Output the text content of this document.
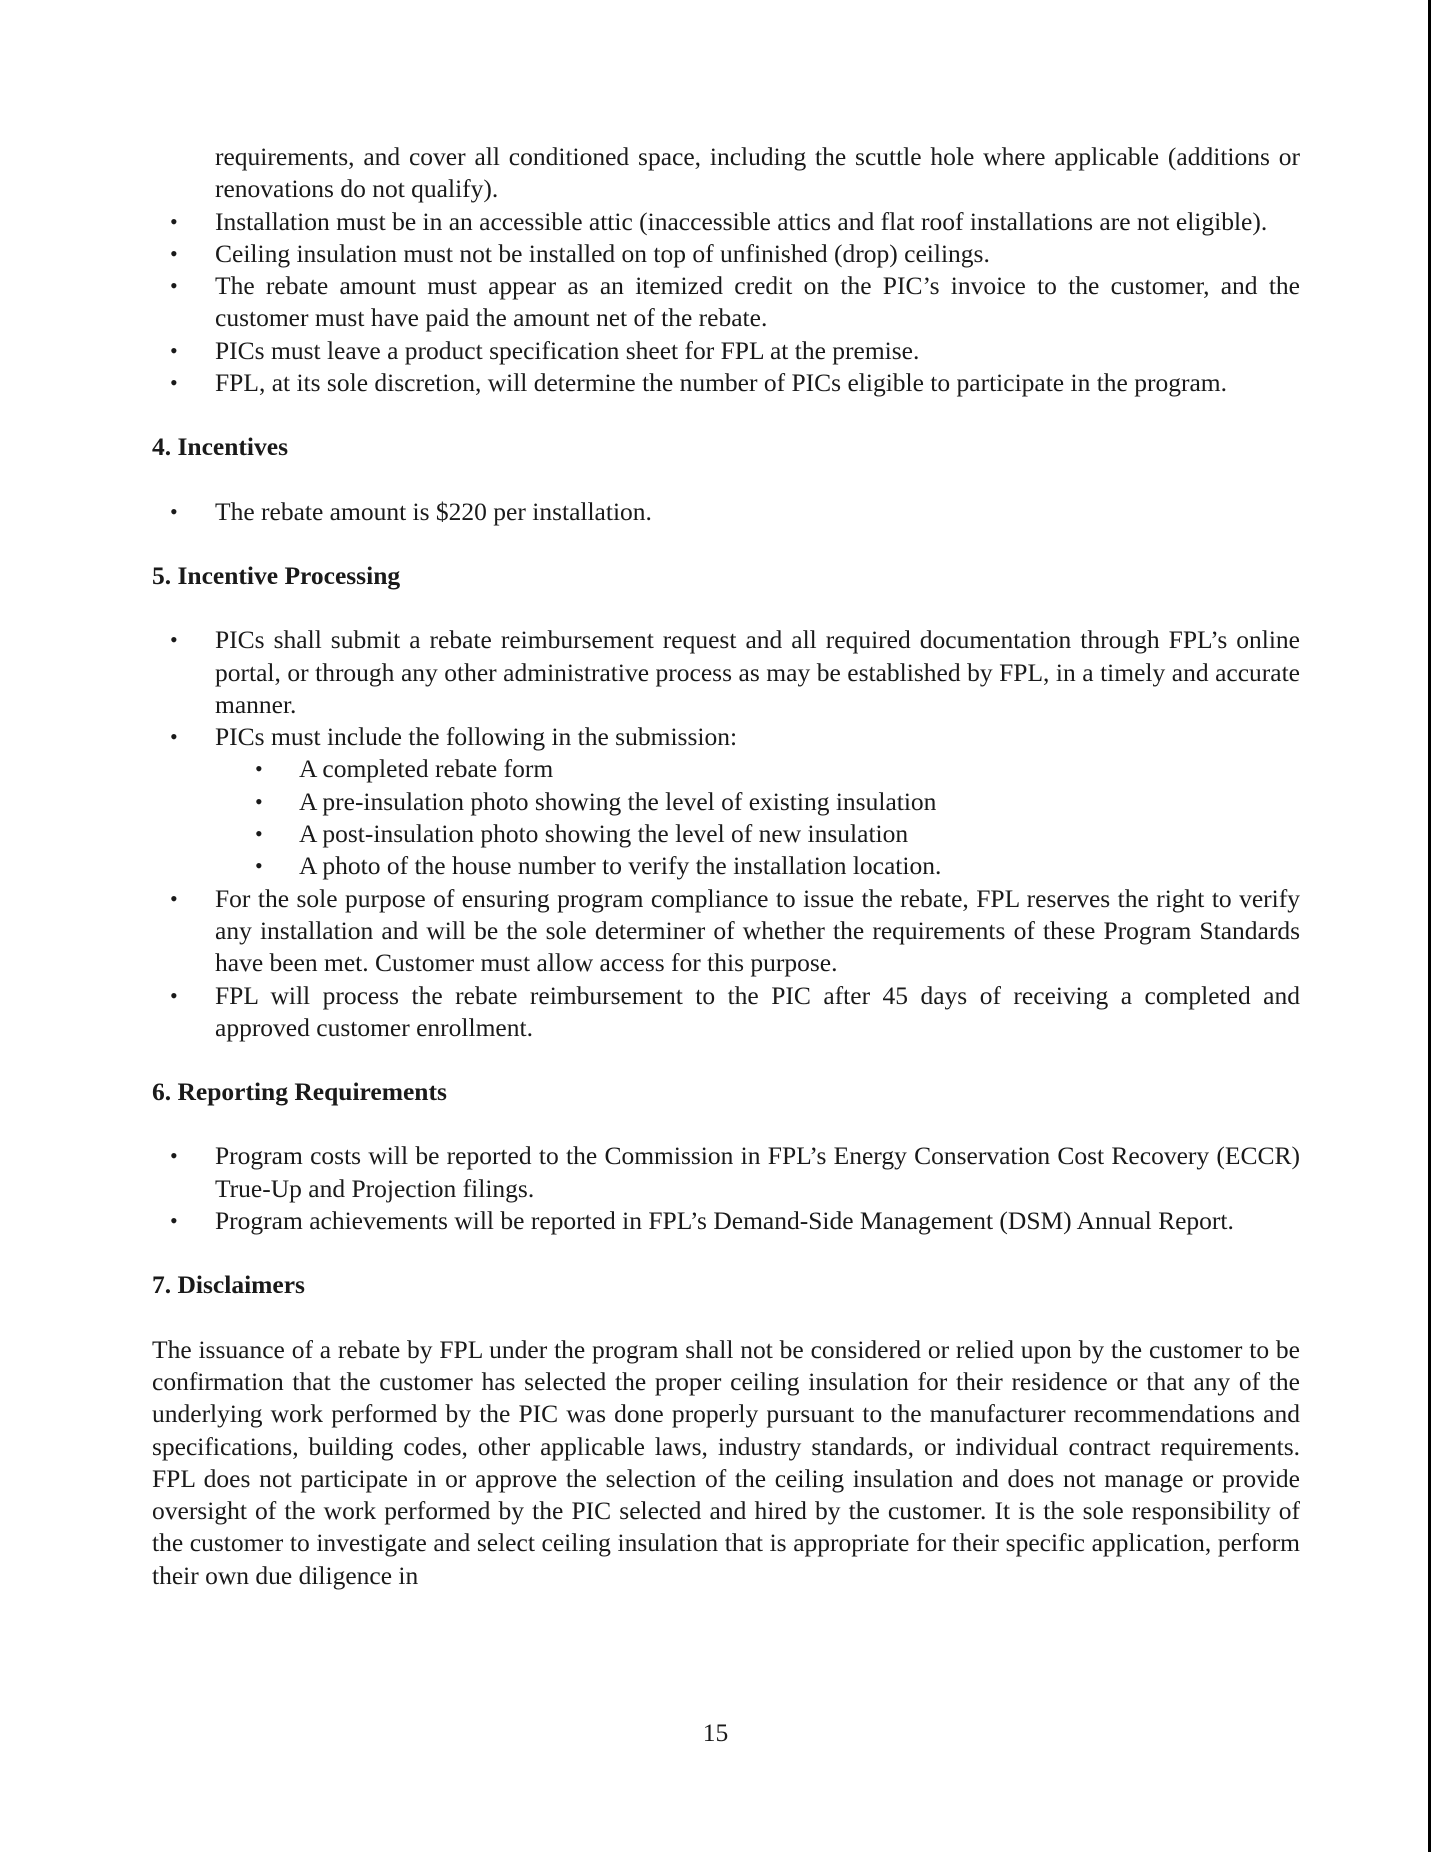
requirements, and cover all conditioned space, including the scuttle hole where applicable (additions or renovations do not qualify).

• Installation must be in an accessible attic (inaccessible attics and flat roof installations are not eligible).
• Ceiling insulation must not be installed on top of unfinished (drop) ceilings.
• The rebate amount must appear as an itemized credit on the PIC’s invoice to the customer, and the customer must have paid the amount net of the rebate.
• PICs must leave a product specification sheet for FPL at the premise.
• FPL, at its sole discretion, will determine the number of PICs eligible to participate in the program.
4. Incentives
• The rebate amount is $220 per installation.
5. Incentive Processing
• PICs shall submit a rebate reimbursement request and all required documentation through FPL’s online portal, or through any other administrative process as may be established by FPL, in a timely and accurate manner.
• PICs must include the following in the submission:
• A completed rebate form
• A pre-insulation photo showing the level of existing insulation
• A post-insulation photo showing the level of new insulation
• A photo of the house number to verify the installation location.
• For the sole purpose of ensuring program compliance to issue the rebate, FPL reserves the right to verify any installation and will be the sole determiner of whether the requirements of these Program Standards have been met. Customer must allow access for this purpose.
• FPL will process the rebate reimbursement to the PIC after 45 days of receiving a completed and approved customer enrollment.
6. Reporting Requirements
• Program costs will be reported to the Commission in FPL’s Energy Conservation Cost Recovery (ECCR) True-Up and Projection filings.
• Program achievements will be reported in FPL’s Demand-Side Management (DSM) Annual Report.
7. Disclaimers

The issuance of a rebate by FPL under the program shall not be considered or relied upon by the customer to be confirmation that the customer has selected the proper ceiling insulation for their residence or that any of the underlying work performed by the PIC was done properly pursuant to the manufacturer recommendations and specifications, building codes, other applicable laws, industry standards, or individual contract requirements. FPL does not participate in or approve the selection of the ceiling insulation and does not manage or provide oversight of the work performed by the PIC selected and hired by the customer. It is the sole responsibility of the customer to investigate and select ceiling insulation that is appropriate for their specific application, perform their own due diligence in

15
